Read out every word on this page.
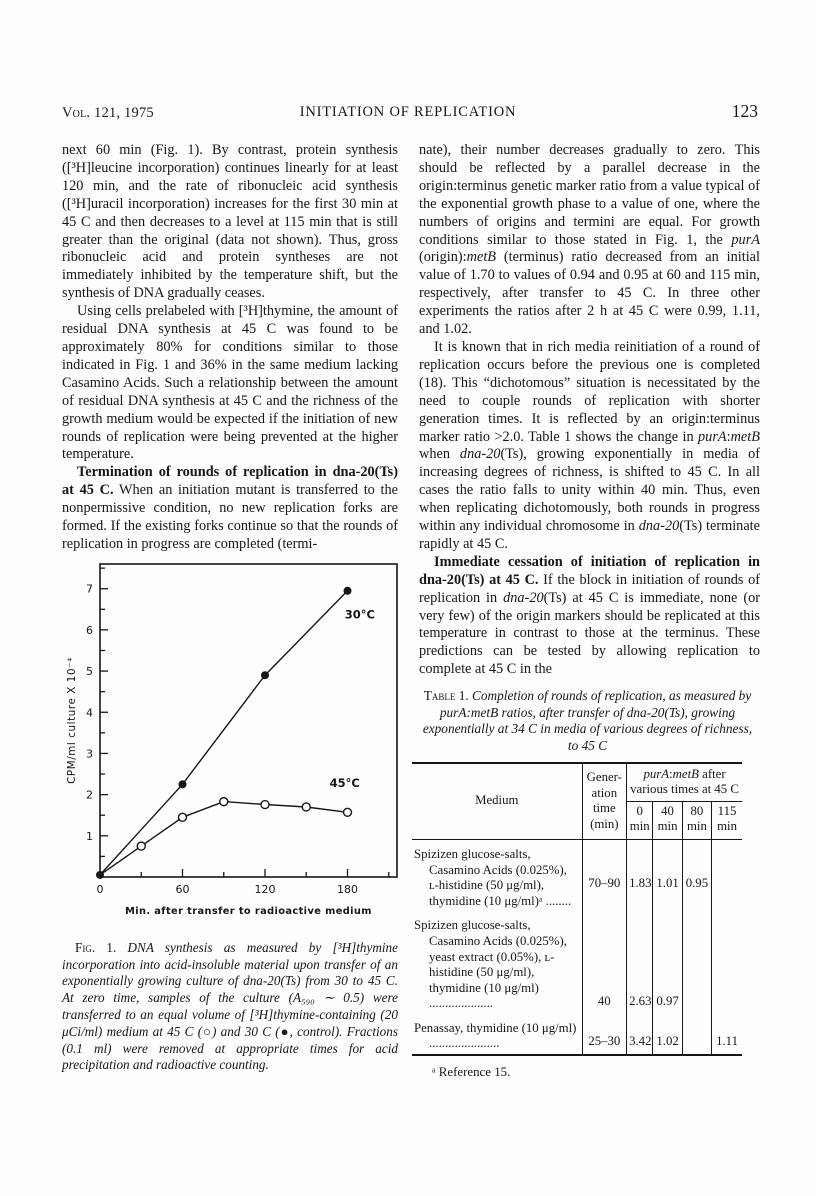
Vol. 121, 1975	INITIATION OF REPLICATION	123

next 60 min (Fig. 1). By contrast, protein synthesis ([³H]leucine incorporation) continues linearly for at least 120 min, and the rate of ribonucleic acid synthesis ([³H]uracil incorporation) increases for the first 30 min at 45 C and then decreases to a level at 115 min that is still greater than the original (data not shown). Thus, gross ribonucleic acid and protein syntheses are not immediately inhibited by the temperature shift, but the synthesis of DNA gradually ceases.

Using cells prelabeled with [³H]thymine, the amount of residual DNA synthesis at 45 C was found to be approximately 80% for conditions similar to those indicated in Fig. 1 and 36% in the same medium lacking Casamino Acids. Such a relationship between the amount of residual DNA synthesis at 45 C and the richness of the growth medium would be expected if the initiation of new rounds of replication were being prevented at the higher temperature.

Termination of rounds of replication in dna-20(Ts) at 45 C. When an initiation mutant is transferred to the nonpermissive condition, no new replication forks are formed. If the existing forks continue so that the rounds of replication in progress are completed (termi-

1
2
3
4
5
6
7
0	60	120	180
30°C
45°C
Min. after transfer to radioactive medium
CPM/ml culture X 10⁻⁴

Fig. 1. DNA synthesis as measured by [³H]thymine incorporation into acid-insoluble material upon transfer of an exponentially growing culture of dna-20(Ts) from 30 to 45 C. At zero time, samples of the culture (A₅₉₀ ∼ 0.5) were transferred to an equal volume of [³H]thymine-containing (20 μCi/ml) medium at 45 C (○) and 30 C (●, control). Fractions (0.1 ml) were removed at appropriate times for acid precipitation and radioactive counting.

nate), their number decreases gradually to zero. This should be reflected by a parallel decrease in the origin:terminus genetic marker ratio from a value typical of the exponential growth phase to a value of one, where the numbers of origins and termini are equal. For growth conditions similar to those stated in Fig. 1, the purA (origin):metB (terminus) ratio decreased from an initial value of 1.70 to values of 0.94 and 0.95 at 60 and 115 min, respectively, after transfer to 45 C. In three other experiments the ratios after 2 h at 45 C were 0.99, 1.11, and 1.02.

It is known that in rich media reinitiation of a round of replication occurs before the previous one is completed (18). This “dichotomous” situation is necessitated by the need to couple rounds of replication with shorter generation times. It is reflected by an origin:terminus marker ratio >2.0. Table 1 shows the change in purA:metB when dna-20(Ts), growing exponentially in media of increasing degrees of richness, is shifted to 45 C. In all cases the ratio falls to unity within 40 min. Thus, even when replicating dichotomously, both rounds in progress within any individual chromosome in dna-20(Ts) terminate rapidly at 45 C.

Immediate cessation of initiation of replication in dna-20(Ts) at 45 C. If the block in initiation of rounds of replication in dna-20(Ts) at 45 C is immediate, none (or very few) of the origin markers should be replicated at this temperature in contrast to those at the terminus. These predictions can be tested by allowing replication to complete at 45 C in the

Table 1. Completion of rounds of replication, as measured by purA:metB ratios, after transfer of dna-20(Ts), growing exponentially at 34 C in media of various degrees of richness, to 45 C

Medium	Gener- ation time (min)	purA:metB after various times at 45 C			
		0 min	40 min	80 min	115 min
Spizizen glucose-salts, Casamino Acids (0.025%), ʟ-histidine (50 μg/ml), thymidine (10 μg/ml)ᵃ ........	70–90	1.83	1.01	0.95	
Spizizen glucose-salts, Casamino Acids (0.025%), yeast extract (0.05%), ʟ-histidine (50 μg/ml), thymidine (10 μg/ml) ....................	40	2.63	0.97		
Penassay, thymidine (10 μg/ml) ......................	25–30	3.42	1.02		1.11

ᵃ Reference 15.
